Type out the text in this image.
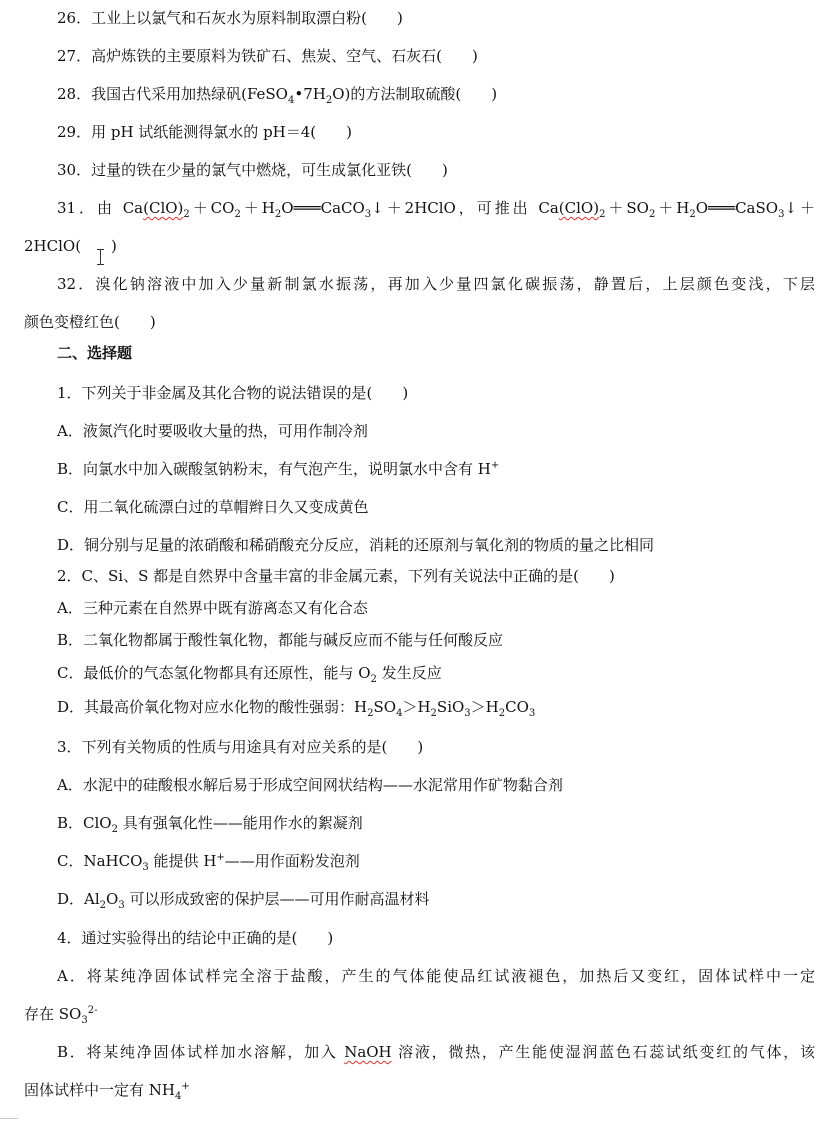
26．工业上以氯气和石灰水为原料制取漂白粉(　　)
27．高炉炼铁的主要原料为铁矿石、焦炭、空气、石灰石(　　)
28．我国古代采用加热绿矾$(FeSO_4•7H_2O)$的方法制取硫酸(　　)
29．用 pH 试纸能测得氯水的 pH＝4(　　)
30．过量的铁在少量的氯气中燃烧，可生成氯化亚铁(　　)
31．由 $Ca(ClO)_2+CO_2+H_2O═══CaCO_3↓+2HClO$，可推出 $Ca(ClO)_2+SO_2+H_2O═══CaSO_3↓+$
2HClO(　　)
32．溴化钠溶液中加入少量新制氯水振荡，再加入少量四氯化碳振荡，静置后，上层颜色变浅，下层
颜色变橙红色(　　)
二、选择题
1．下列关于非金属及其化合物的说法错误的是(　　)
A．液氮汽化时要吸收大量的热，可用作制冷剂
B．向氯水中加入碳酸氢钠粉末，有气泡产生，说明氯水中含有 H+
C．用二氧化硫漂白过的草帽辫日久又变成黄色
D．铜分别与足量的浓硝酸和稀硝酸充分反应，消耗的还原剂与氧化剂的物质的量之比相同
2．C、Si、S 都是自然界中含量丰富的非金属元素，下列有关说法中正确的是(　　)
A．三种元素在自然界中既有游离态又有化合态
B．二氧化物都属于酸性氧化物，都能与碱反应而不能与任何酸反应
C．最低价的气态氢化物都具有还原性，能与 $O_2$ 发生反应
D．其最高价氧化物对应水化物的酸性强弱：$H_2SO_4>H_2SiO_3>H_2CO_3$
3．下列有关物质的性质与用途具有对应关系的是(　　)
A．水泥中的硅酸根水解后易于形成空间网状结构——水泥常用作矿物黏合剂
B．ClO$_2$ 具有强氧化性——能用作水的絮凝剂
C．NaHCO$_3$ 能提供 H+——用作面粉发泡剂
D．$Al_2O_3$ 可以形成致密的保护层——可用作耐高温材料
4．通过实验得出的结论中正确的是(　　)
A．将某纯净固体试样完全溶于盐酸，产生的气体能使品红试液褪色，加热后又变红，固体试样中一定
存在 $SO_3^{2-}$
B．将某纯净固体试样加水溶解，加入 NaOH 溶液，微热，产生能使湿润蓝色石蕊试纸变红的气体，该
固体试样中一定有 $NH_4^+$
